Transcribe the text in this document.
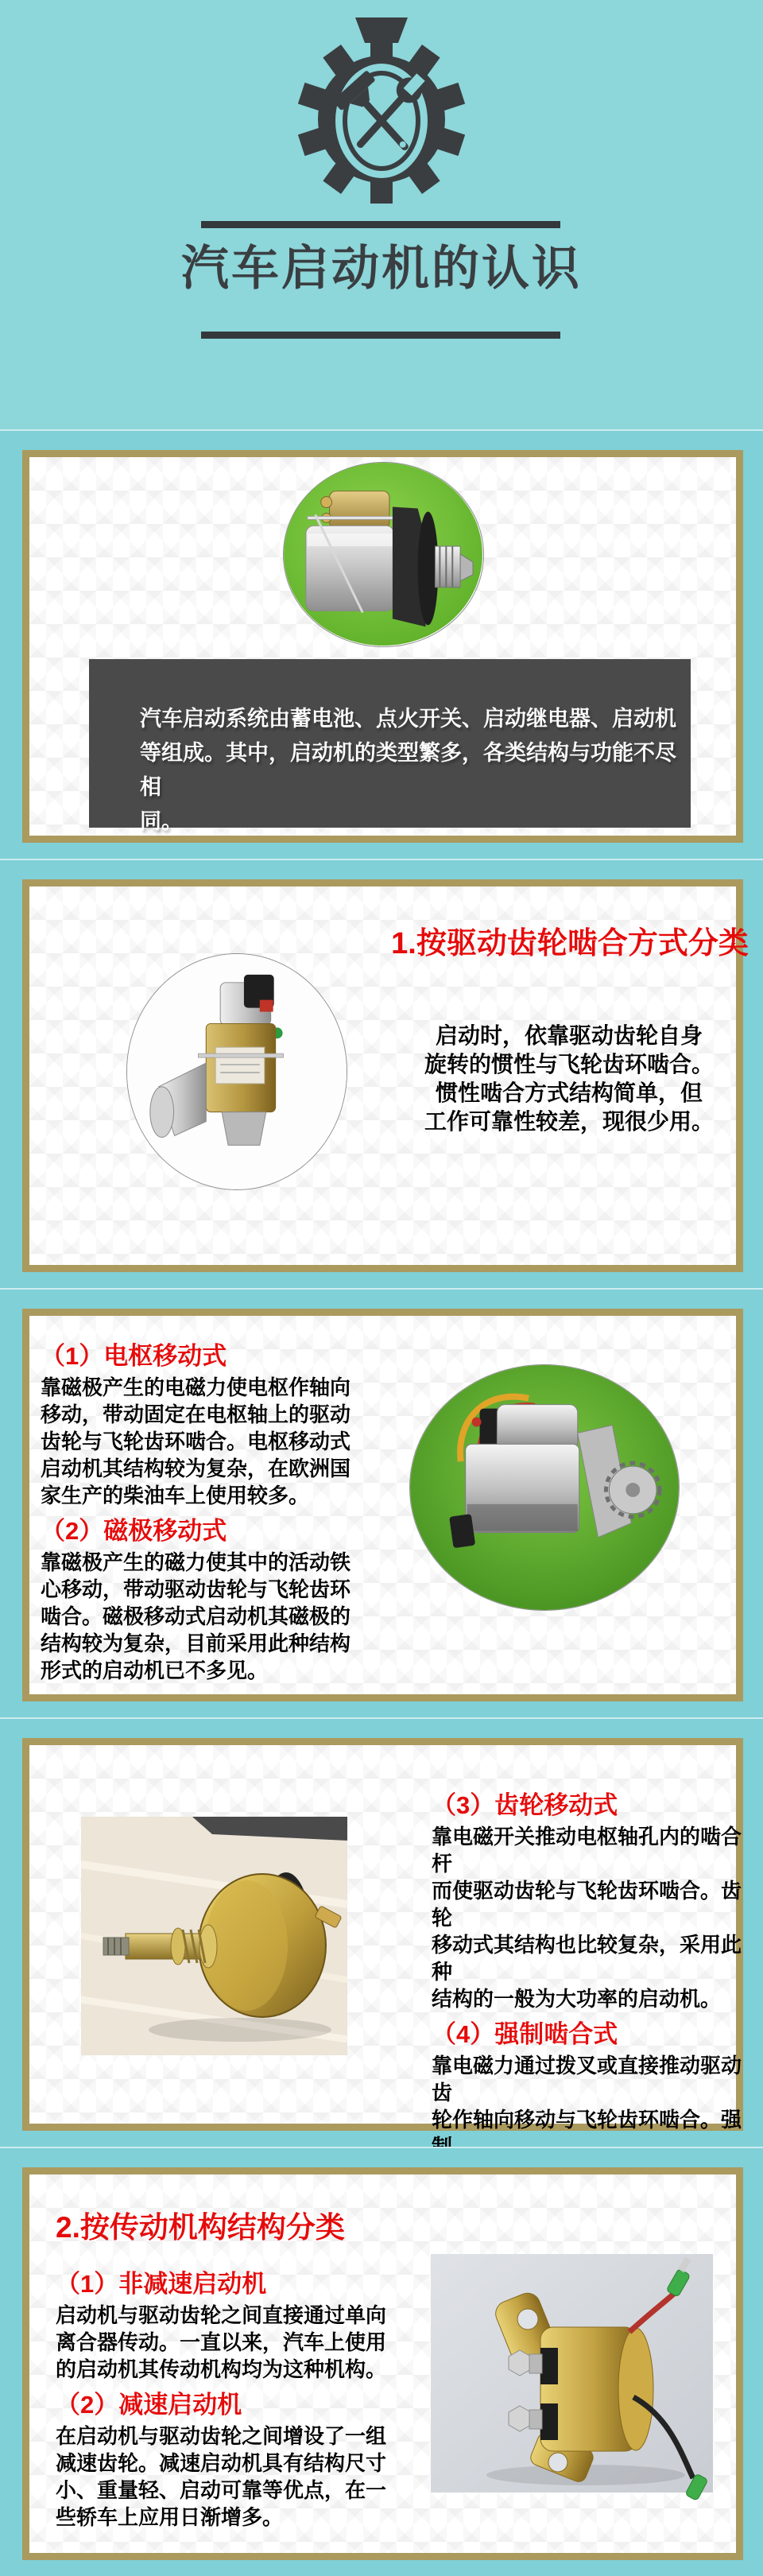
汽车启动机的认识
汽车启动系统由蓄电池、点火开关、启动继电器、启动机
等组成。其中，启动机的类型繁多，各类结构与功能不尽相
同。
1.按驱动齿轮啮合方式分类
启动时，依靠驱动齿轮自身
旋转的惯性与飞轮齿环啮合。
惯性啮合方式结构简单，但
工作可靠性较差，现很少用。
（1）电枢移动式
靠磁极产生的电磁力使电枢作轴向
移动，带动固定在电枢轴上的驱动
齿轮与飞轮齿环啮合。电枢移动式
启动机其结构较为复杂，在欧洲国
家生产的柴油车上使用较多。
（2）磁极移动式
靠磁极产生的磁力使其中的活动铁
心移动，带动驱动齿轮与飞轮齿环
啮合。磁极移动式启动机其磁极的
结构较为复杂，目前采用此种结构
形式的启动机已不多见。
（3）齿轮移动式
靠电磁开关推动电枢轴孔内的啮合杆
而使驱动齿轮与飞轮齿环啮合。齿轮
移动式其结构也比较复杂，采用此种
结构的一般为大功率的启动机。
（4）强制啮合式
靠电磁力通过拨叉或直接推动驱动齿
轮作轴向移动与飞轮齿环啮合。强

2.按传动机构结构分类
（1）非减速启动机
启动机与驱动齿轮之间直接通过单向
离合器传动。一直以来，汽车上使用
的启动机其传动机构均为这种机构。
（2）减速启动机
在启动机与驱动齿轮之间增设了一组
减速齿轮。减速启动机具有结构尺寸
小、重量轻、启动可靠等优点，在一
些轿车上应用日渐增多。
